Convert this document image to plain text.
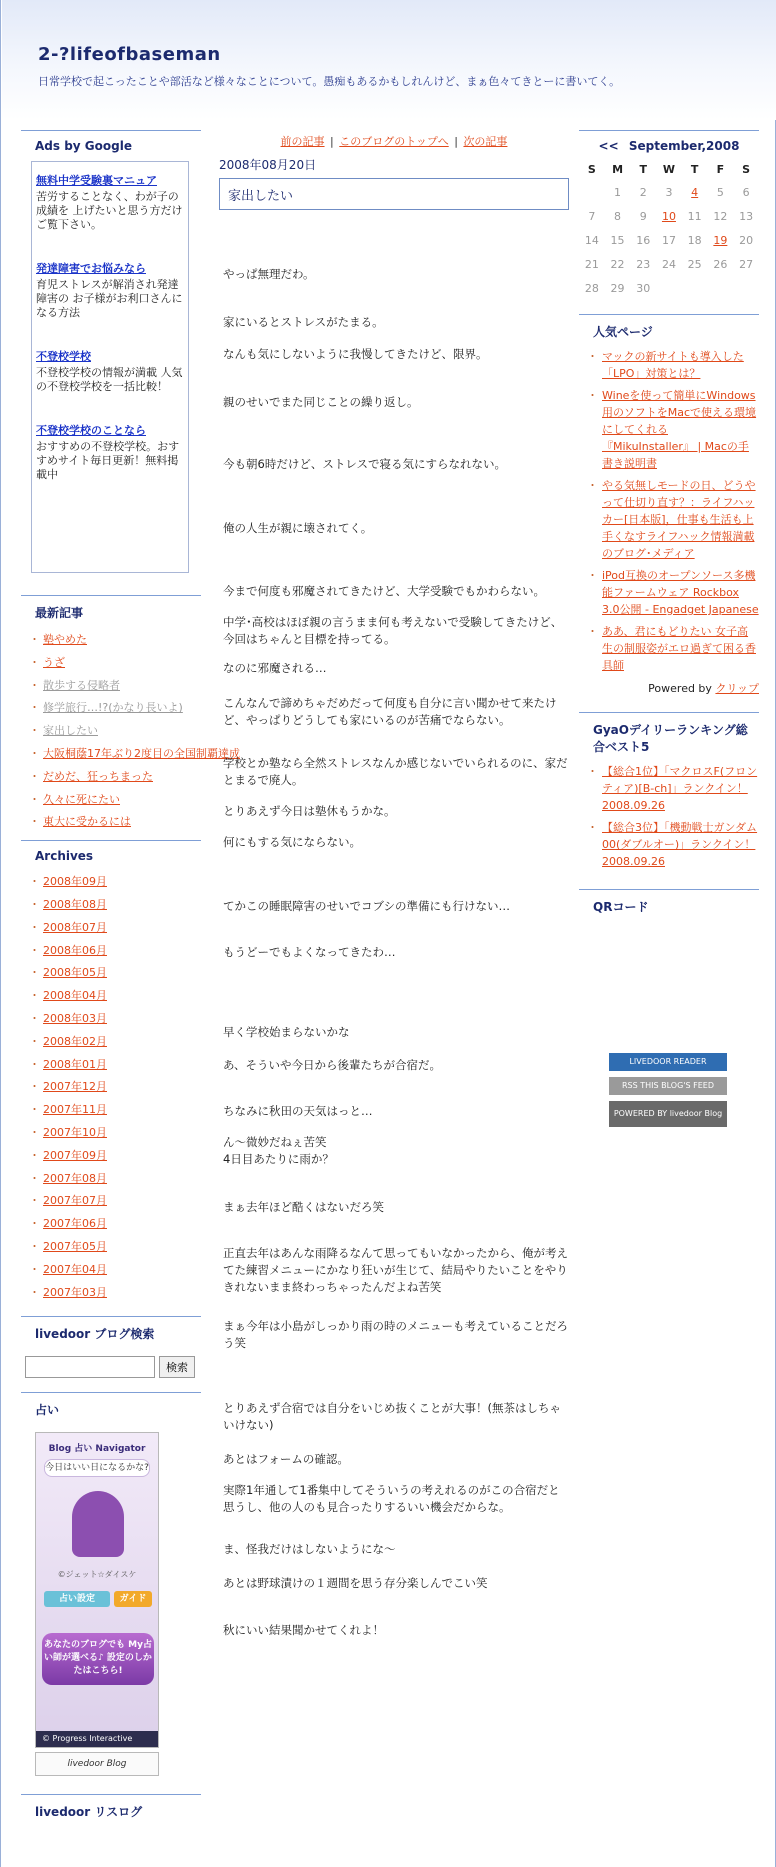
2-?lifeofbaseman
日常学校で起こったことや部活など様々なことについて。愚痴もあるかもしれんけど、まぁ色々てきとーに書いてく。
Ads by Google
無料中学受験裏マニュア
苦労することなく、わが子の成績を 上げたいと思う方だけご覧下さい。
発達障害でお悩みなら
育児ストレスが解消され発達障害の お子様がお利口さんになる方法
不登校学校
不登校学校の情報が満載 人気の不登校学校を一括比較！
不登校学校のことなら
おすすめの不登校学校。おすすめサイト毎日更新！無料掲載中
最新記事
・ 塾やめた
・ うざ
・ 散歩する侵略者
・ 修学旅行…!?(かなり長いよ)
・ 家出したい
・ 大阪桐蔭17年ぶり2度目の全国制覇達成
・ だめだ、狂っちまった
・ 久々に死にたい
・ 東大に受かるには
Archives
・ 2008年09月
・ 2008年08月
・ 2008年07月
・ 2008年06月
・ 2008年05月
・ 2008年04月
・ 2008年03月
・ 2008年02月
・ 2008年01月
・ 2007年12月
・ 2007年11月
・ 2007年10月
・ 2007年09月
・ 2007年08月
・ 2007年07月
・ 2007年06月
・ 2007年05月
・ 2007年04月
・ 2007年03月
livedoor ブログ検索
検索
占い
Blog 占い Navigator
今日はいい日になるかな?
©ジェット☆ダイスケ
占い設定	ガイド
あなたのブログでも My占い師が選べる♪ 設定のしかたはこちら!
© Progress Interactive
livedoor Blog
livedoor リスログ
前の記事 | このブログのトップへ | 次の記事
2008年08月20日
家出したい

やっぱ無理だわ。

家にいるとストレスがたまる。

なんも気にしないように我慢してきたけど、限界。

親のせいでまた同じことの繰り返し。

今も朝6時だけど、ストレスで寝る気にすらなれない。

俺の人生が親に壊されてく。

今まで何度も邪魔されてきたけど、大学受験でもかわらない。

中学･高校はほぼ親の言うまま何も考えないで受験してきたけど、今回はちゃんと目標を持ってる。

なのに邪魔される…

こんなんで諦めちゃだめだって何度も自分に言い聞かせて来たけど、やっぱりどうしても家にいるのが苦痛でならない。

学校とか塾なら全然ストレスなんか感じないでいられるのに、家だとまるで廃人。

とりあえず今日は塾休もうかな。

何にもする気にならない。

てかこの睡眠障害のせいでコブシの準備にも行けない…

もうどーでもよくなってきたわ…

早く学校始まらないかな

あ、そういや今日から後輩たちが合宿だ。

ちなみに秋田の天気はっと…

ん～微妙だねぇ苦笑
4日目あたりに雨か？

まぁ去年ほど酷くはないだろ笑

正直去年はあんな雨降るなんて思ってもいなかったから、俺が考えてた練習メニューにかなり狂いが生じて、結局やりたいことをやりきれないまま終わっちゃったんだよね苦笑

まぁ今年は小島がしっかり雨の時のメニューも考えていることだろう笑

とりあえず合宿では自分をいじめ抜くことが大事！(無茶はしちゃいけない)

あとはフォームの確認。

実際1年通して1番集中してそういうの考えれるのがこの合宿だと思うし、他の人のも見合ったりするいい機会だからな。

ま、怪我だけはしないようにな～

あとは野球漬けの１週間を思う存分楽しんでこい笑

秋にいい結果聞かせてくれよ！

<< September,2008
S	M	T	W	T	F	S
	1	2	3	4	5	6
7	8	9	10	11	12	13
14	15	16	17	18	19	20
21	22	23	24	25	26	27
28	29	30				
人気ページ
・ マックの新サイトも導入した「LPO」対策とは？
・ Wineを使って簡単にWindows用のソフトをMacで使える環境にしてくれる『MikuInstaller』 | Macの手書き説明書
・ やる気無しモードの日、どうやって仕切り直す？：ライフハッカー[日本版]，仕事も生活も上手くなすライフハック情報満載のブログ･メディア
・ iPod互換のオープンソース多機能ファームウェア Rockbox 3.0公開 - Engadget Japanese
・ ああ、君にもどりたい 女子高生の制服姿がエロ過ぎて困る香具師
Powered by クリップ
GyaOデイリーランキング総合ベスト5
・ 【総合1位】「マクロスF(フロンティア)[B-ch]」ランクイン！2008.09.26
・ 【総合3位】「機動戦士ガンダム00(ダブルオー)」ランクイン！2008.09.26
QRコード
LIVEDOOR READER
RSS THIS BLOG'S FEED
POWERED BY livedoor Blog
